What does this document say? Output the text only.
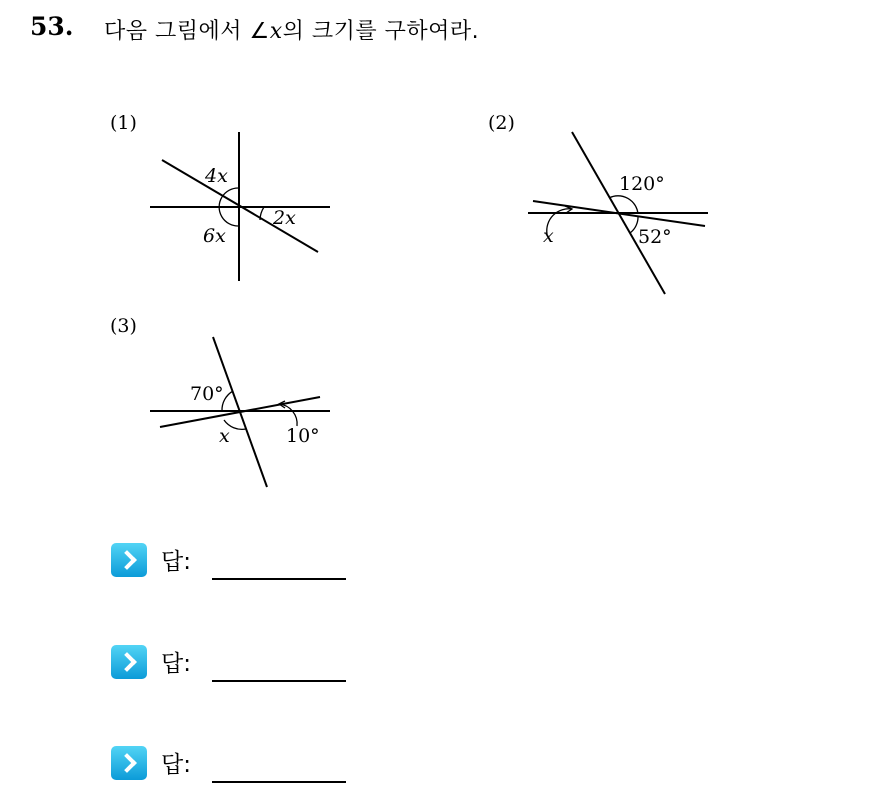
53. 다음 그림에서 ∠x의 크기를 구하여라.
(1)	(2)
(3)
4x
2x
6x
120°
x	52°
70°
x	10°
답:
답:
답:
